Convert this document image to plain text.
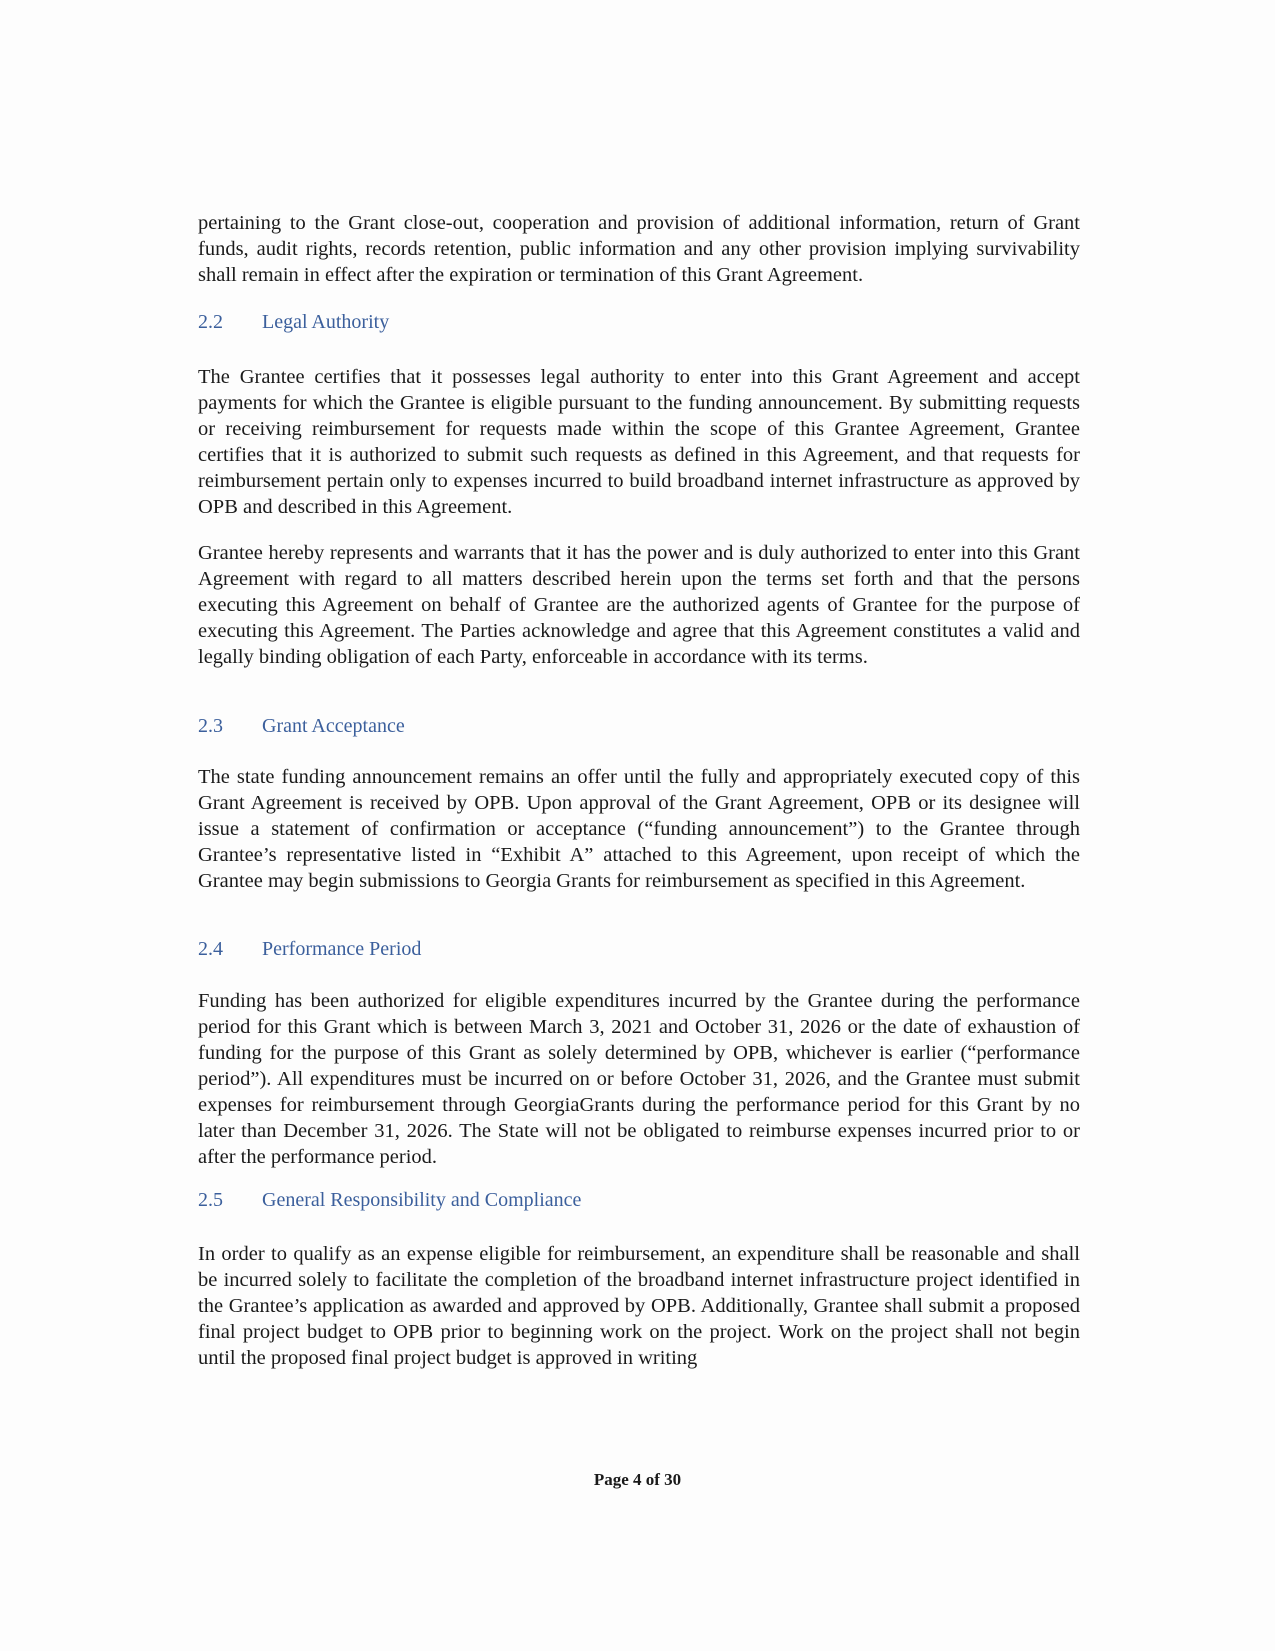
pertaining to the Grant close-out, cooperation and provision of additional information, return of Grant funds, audit rights, records retention, public information and any other provision implying survivability shall remain in effect after the expiration or termination of this Grant Agreement.

2.2 Legal Authority

The Grantee certifies that it possesses legal authority to enter into this Grant Agreement and accept payments for which the Grantee is eligible pursuant to the funding announcement. By submitting requests or receiving reimbursement for requests made within the scope of this Grantee Agreement, Grantee certifies that it is authorized to submit such requests as defined in this Agreement, and that requests for reimbursement pertain only to expenses incurred to build broadband internet infrastructure as approved by OPB and described in this Agreement.

Grantee hereby represents and warrants that it has the power and is duly authorized to enter into this Grant Agreement with regard to all matters described herein upon the terms set forth and that the persons executing this Agreement on behalf of Grantee are the authorized agents of Grantee for the purpose of executing this Agreement. The Parties acknowledge and agree that this Agreement constitutes a valid and legally binding obligation of each Party, enforceable in accordance with its terms.

2.3 Grant Acceptance

The state funding announcement remains an offer until the fully and appropriately executed copy of this Grant Agreement is received by OPB. Upon approval of the Grant Agreement, OPB or its designee will issue a statement of confirmation or acceptance (“funding announcement”) to the Grantee through Grantee’s representative listed in “Exhibit A” attached to this Agreement, upon receipt of which the Grantee may begin submissions to Georgia Grants for reimbursement as specified in this Agreement.

2.4 Performance Period

Funding has been authorized for eligible expenditures incurred by the Grantee during the performance period for this Grant which is between March 3, 2021 and October 31, 2026 or the date of exhaustion of funding for the purpose of this Grant as solely determined by OPB, whichever is earlier (“performance period”). All expenditures must be incurred on or before October 31, 2026, and the Grantee must submit expenses for reimbursement through GeorgiaGrants during the performance period for this Grant by no later than December 31, 2026. The State will not be obligated to reimburse expenses incurred prior to or after the performance period.

2.5 General Responsibility and Compliance

In order to qualify as an expense eligible for reimbursement, an expenditure shall be reasonable and shall be incurred solely to facilitate the completion of the broadband internet infrastructure project identified in the Grantee’s application as awarded and approved by OPB. Additionally, Grantee shall submit a proposed final project budget to OPB prior to beginning work on the project. Work on the project shall not begin until the proposed final project budget is approved in writing

Page 4 of 30
